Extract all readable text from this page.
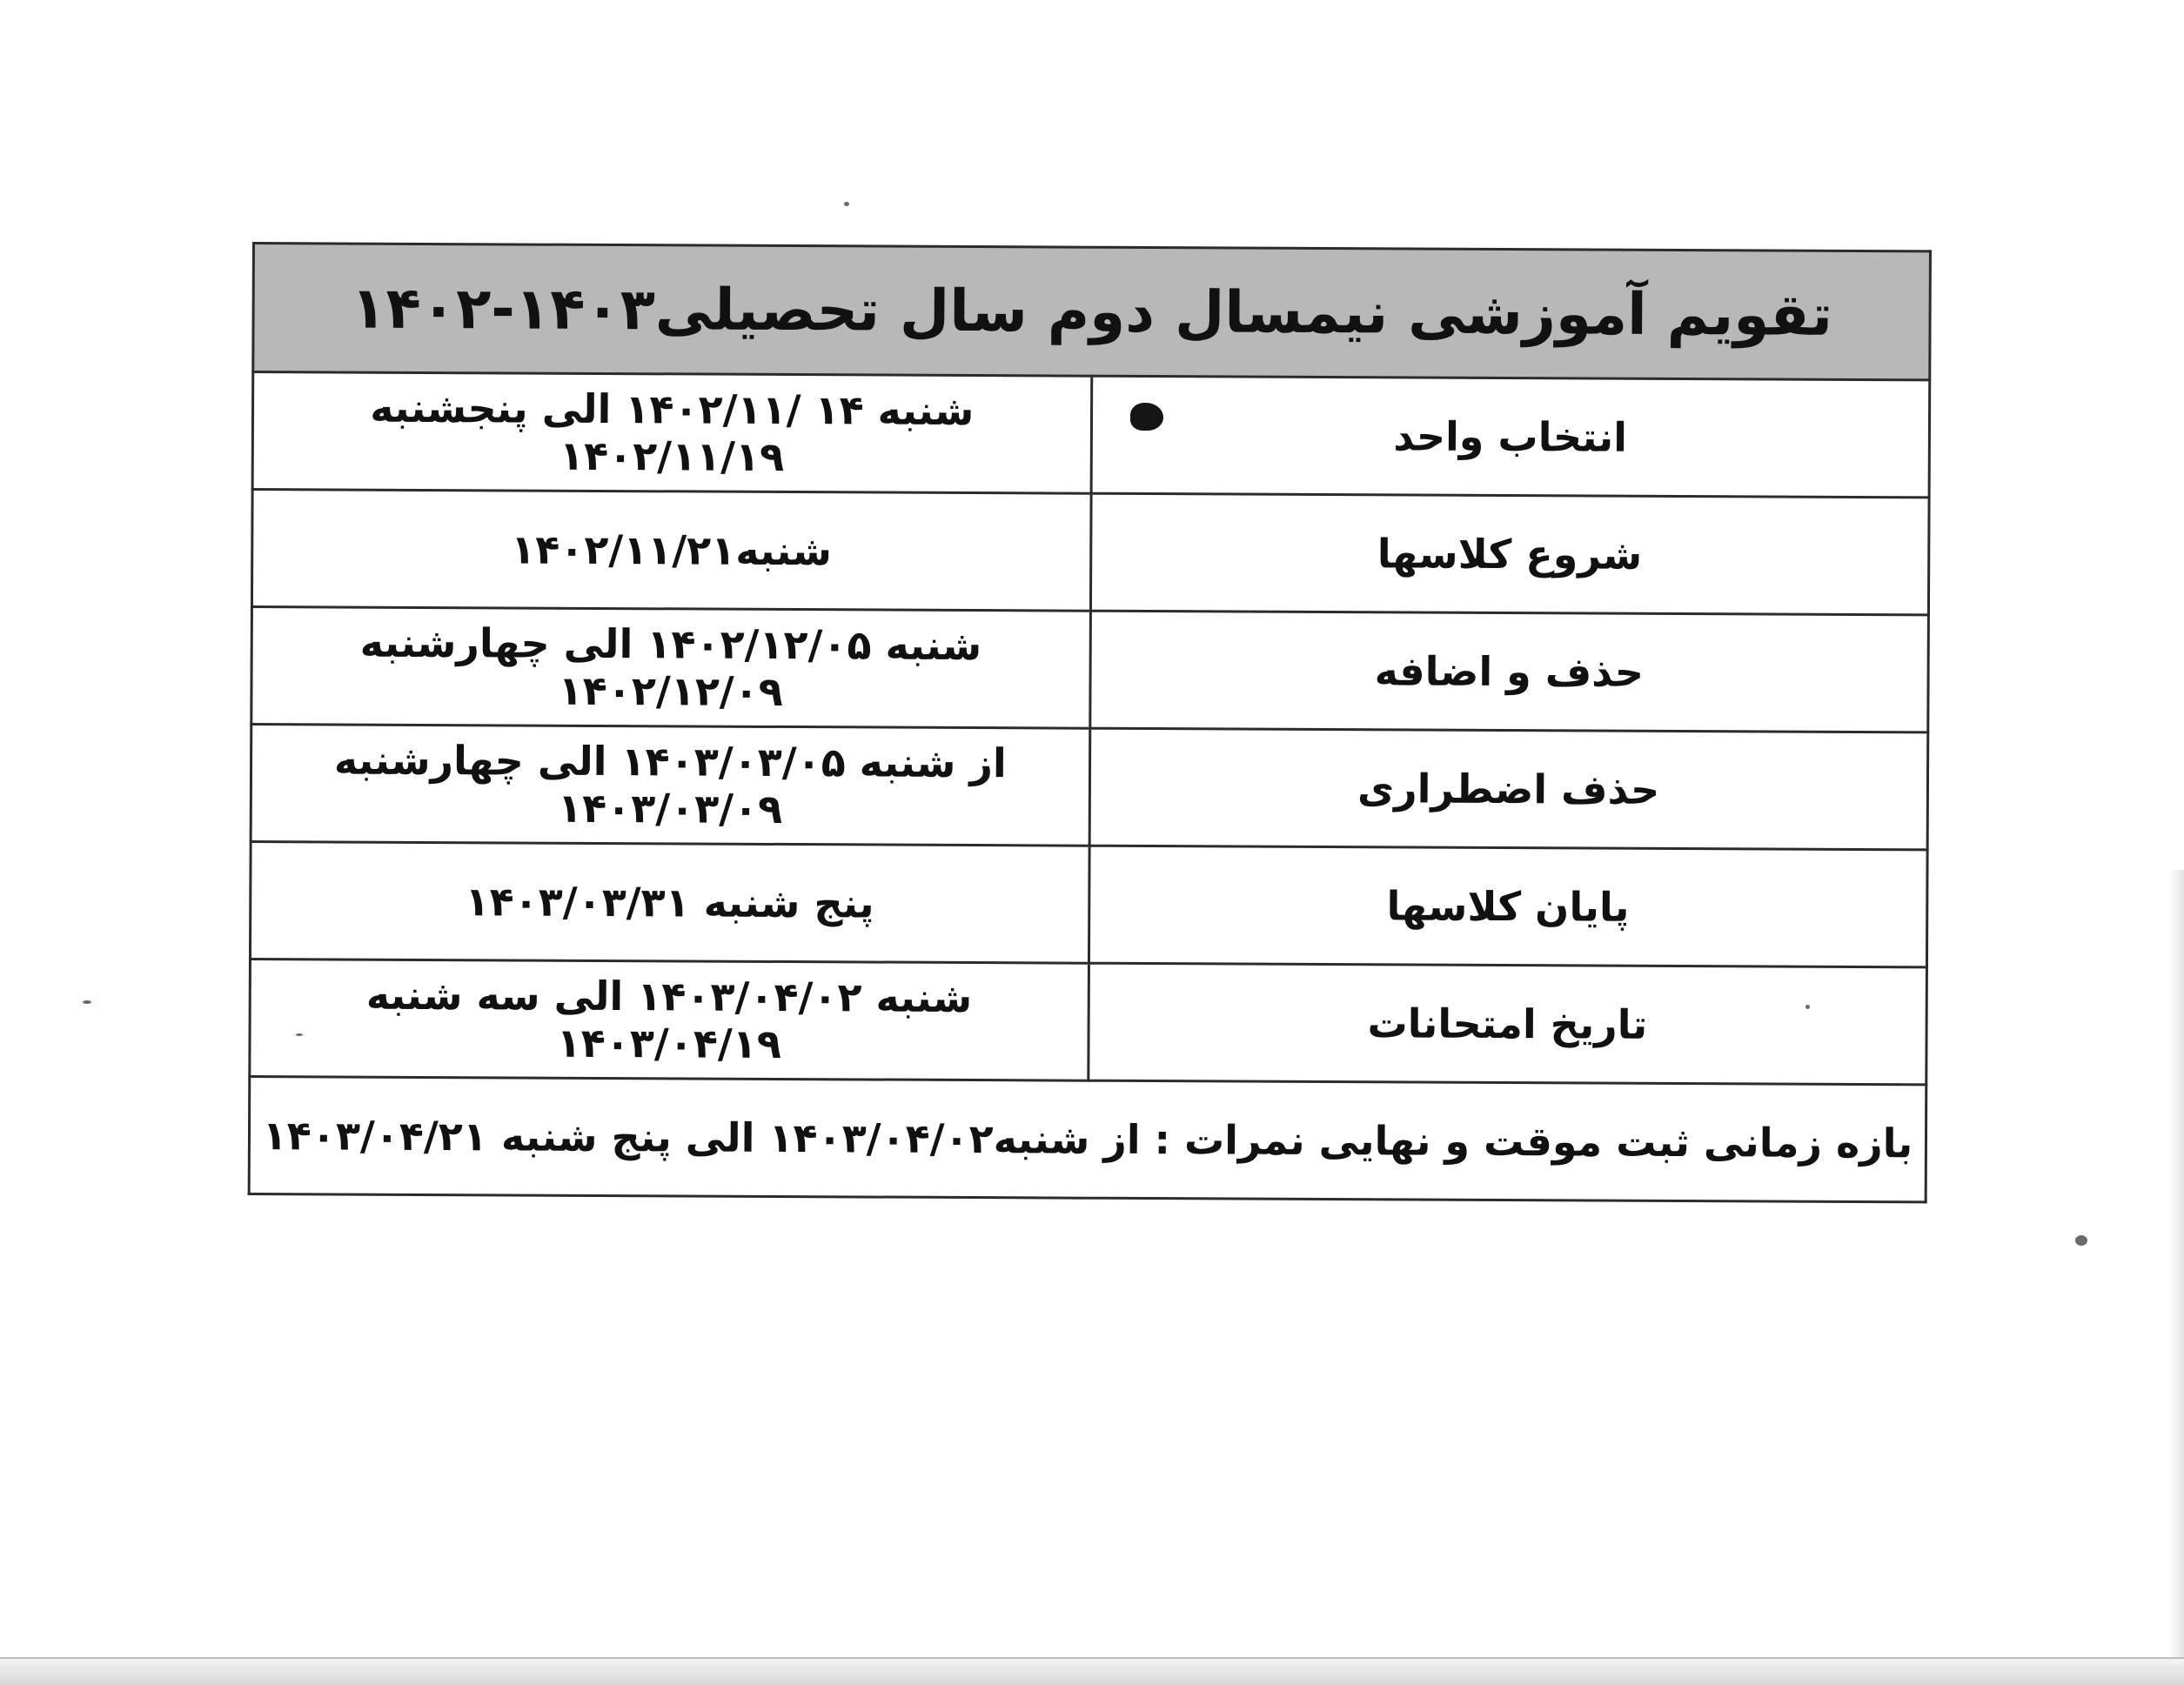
تقویم آموزشی نیمسال دوم سال تحصیلی۱۴۰۳-۱۴۰۲	
انتخاب واحد	شنبه ۱۴ /۱۴۰۲/۱۱ الی پنجشنبه ۱۴۰۲/۱۱/۱۹
شروع کلاسها	شنبه۱۴۰۲/۱۱/۲۱
حذف و اضافه	شنبه ۱۴۰۲/۱۲/۰۵ الی چهارشنبه ۱۴۰۲/۱۲/۰۹
حذف اضطراری	از شنبه ۱۴۰۳/۰۳/۰۵ الی چهارشنبه ۱۴۰۳/۰۳/۰۹
پایان کلاسها	پنج شنبه ۱۴۰۳/۰۳/۳۱
تاریخ امتحانات	شنبه ۱۴۰۳/۰۴/۰۲ الی سه شنبه ۱۴۰۳/۰۴/۱۹
بازه زمانی ثبت موقت و نهایی نمرات : از شنبه۱۴۰۳/۰۴/۰۲ الی پنج شنبه ۱۴۰۳/۰۴/۲۱	
